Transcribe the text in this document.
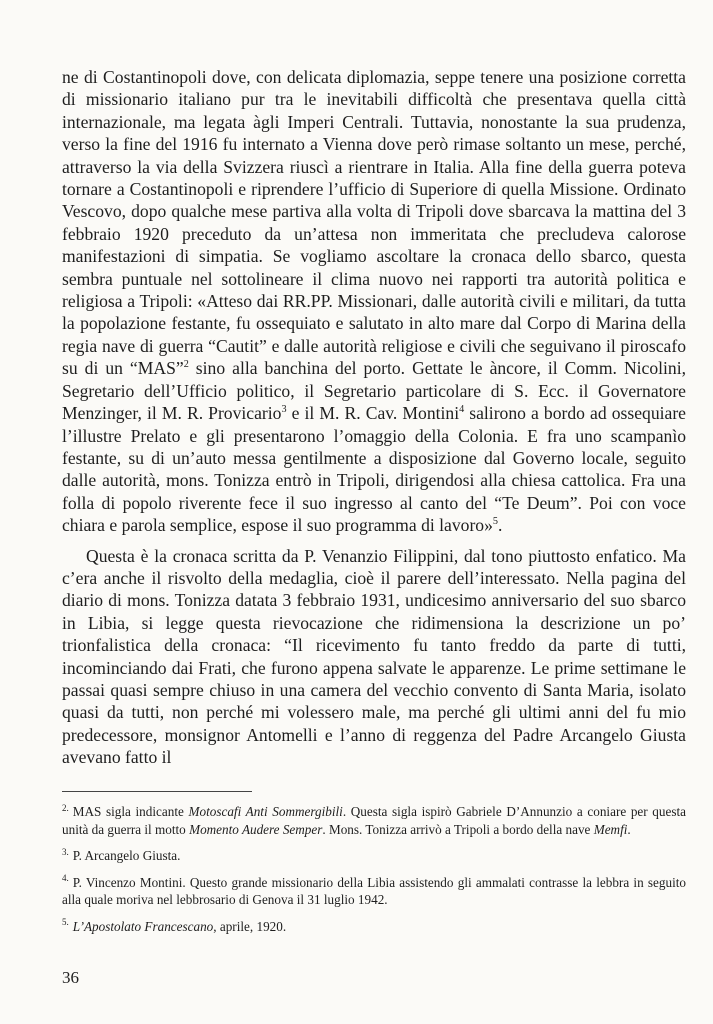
ne di Costantinopoli dove, con delicata diplomazia, seppe tenere una posizione corretta di missionario italiano pur tra le inevitabili difficoltà che presentava quella città internazionale, ma legata àgli Imperi Centrali. Tuttavia, nonostante la sua prudenza, verso la fine del 1916 fu internato a Vienna dove però rimase soltanto un mese, perché, attraverso la via della Svizzera riuscì a rientrare in Italia. Alla fine della guerra poteva tornare a Costantinopoli e riprendere l’ufficio di Superiore di quella Missione. Ordinato Vescovo, dopo qualche mese partiva alla volta di Tripoli dove sbarcava la mattina del 3 febbraio 1920 preceduto da un’attesa non immeritata che precludeva calorose manifestazioni di simpatia. Se vogliamo ascoltare la cronaca dello sbarco, questa sembra puntuale nel sottolineare il clima nuovo nei rapporti tra autorità politica e religiosa a Tripoli: «Atteso dai RR.PP. Missionari, dalle autorità civili e militari, da tutta la popolazione festante, fu ossequiato e salutato in alto mare dal Corpo di Marina della regia nave di guerra “Cautit” e dalle autorità religiose e civili che seguivano il piroscafo su di un “MAS”$^2$ sino alla banchina del porto. Gettate le àncore, il Comm. Nicolini, Segretario dell’Ufficio politico, il Segretario particolare di S. Ecc. il Governatore Menzinger, il M. R. Provicario$^3$ e il M. R. Cav. Montini$^4$ salirono a bordo ad ossequiare l’illustre Prelato e gli presentarono l’omaggio della Colonia. E fra uno scampanìo festante, su di un’auto messa gentilmente a disposizione dal Governo locale, seguito dalle autorità, mons. Tonizza entrò in Tripoli, dirigendosi alla chiesa cattolica. Fra una folla di popolo riverente fece il suo ingresso al canto del “Te Deum”. Poi con voce chiara e parola semplice, espose il suo programma di lavoro»$^5$.

Questa è la cronaca scritta da P. Venanzio Filippini, dal tono piuttosto enfatico. Ma c’era anche il risvolto della medaglia, cioè il parere dell’interessato. Nella pagina del diario di mons. Tonizza datata 3 febbraio 1931, undicesimo anniversario del suo sbarco in Libia, si legge questa rievocazione che ridimensiona la descrizione un po’ trionfalistica della cronaca: “Il ricevimento fu tanto freddo da parte di tutti, incominciando dai Frati, che furono appena salvate le apparenze. Le prime settimane le passai quasi sempre chiuso in una camera del vecchio convento di Santa Maria, isolato quasi da tutti, non perché mi volessero male, ma perché gli ultimi anni del fu mio predecessore, monsignor Antomelli e l’anno di reggenza del Padre Arcangelo Giusta avevano fatto il

$^{2.}$ MAS sigla indicante Motoscafi Anti Sommergibili. Questa sigla ispirò Gabriele D’Annunzio a coniare per questa unità da guerra il motto Momento Audere Semper. Mons. Tonizza arrivò a Tripoli a bordo della nave Memfi.

$^{3.}$ P. Arcangelo Giusta.

$^{4.}$ P. Vincenzo Montini. Questo grande missionario della Libia assistendo gli ammalati contrasse la lebbra in seguito alla quale moriva nel lebbrosario di Genova il 31 luglio 1942.

$^{5.}$ L’Apostolato Francescano, aprile, 1920.

36
